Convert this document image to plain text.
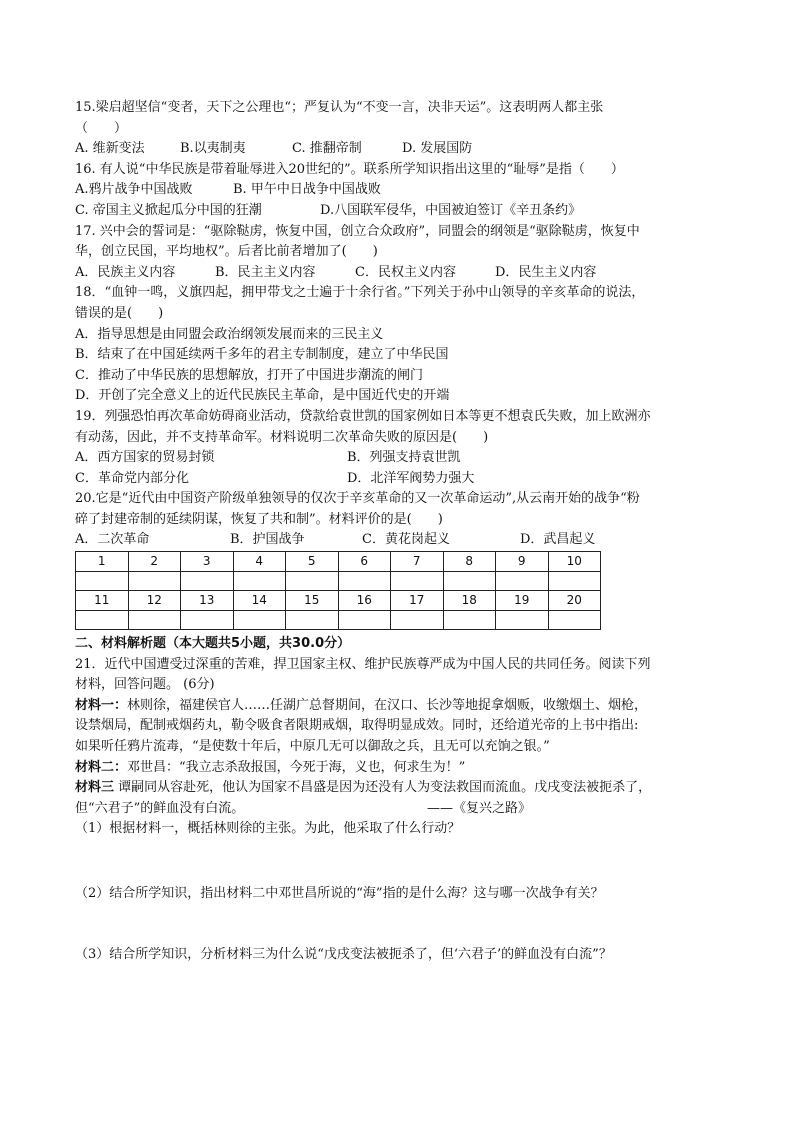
15.梁启超坚信“变者，天下之公理也“；严复认为“不变一言，决非天运”。这表明两人都主张
（　　）
A. 维新变法	B.以夷制夷	C. 推翻帝制	D. 发展国防
16. 有人说“中华民族是带着耻辱进入20世纪的”。联系所学知识指出这里的“耻辱”是指（　　）
A.鸦片战争中国战败	B. 甲午中日战争中国战败
C. 帝国主义掀起瓜分中国的狂潮	D.八国联军侵华，中国被迫签订《辛丑条约》
17. 兴中会的誓词是：“驱除鞑虏，恢复中国，创立合众政府”，同盟会的纲领是“驱除鞑虏，恢复中
华，创立民国，平均地权”。后者比前者增加了(　　)
A．民族主义内容	B．民主主义内容	C．民权主义内容	D．民生主义内容
18．“血钟一鸣，义旗四起，拥甲带戈之士遍于十余行省。”下列关于孙中山领导的辛亥革命的说法，
错误的是(　　)
A．指导思想是由同盟会政治纲领发展而来的三民主义
B．结束了在中国延续两千多年的君主专制制度，建立了中华民国
C．推动了中华民族的思想解放，打开了中国进步潮流的闸门
D．开创了完全意义上的近代民族民主革命，是中国近代史的开端
19．列强恐怕再次革命妨碍商业活动，贷款给袁世凯的国家例如日本等更不想袁氏失败，加上欧洲亦
有动荡，因此，并不支持革命军。材料说明二次革命失败的原因是(　　)
A．西方国家的贸易封锁	B．列强支持袁世凯
C．革命党内部分化	D．北洋军阀势力强大
20.它是“近代由中国资产阶级单独领导的仅次于辛亥革命的又一次革命运动”,从云南开始的战争“粉
碎了封建帝制的延续阴谋，恢复了共和制”。材料评价的是(　　)
A．二次革命	B．护国战争	C．黄花岗起义	D．武昌起义
1	2	3	4	5	6	7	8	9	10

11	12	13	14	15	16	17	18	19	20

二、材料解析题（本大题共5小题，共30.0分）
21．近代中国遭受过深重的苦难，捍卫国家主权、维护民族尊严成为中国人民的共同任务。阅读下列
材料，回答问题。 (6分)
材料一：林则徐，福建侯官人……任湖广总督期间，在汉口、长沙等地捉拿烟贩，收缴烟土、烟枪，
设禁烟局，配制戒烟药丸，勒令吸食者限期戒烟，取得明显成效。同时，还给道光帝的上书中指出:
如果听任鸦片流毒，“是使数十年后，中原几无可以御敌之兵，且无可以充饷之银。”
材料二：邓世昌：“我立志杀敌报国，今死于海，义也，何求生为！”
材料三 谭嗣同从容赴死，他认为国家不昌盛是因为还没有人为变法救国而流血。戊戌变法被扼杀了，
但“六君子”的鲜血没有白流。	——《复兴之路》
（1）根据材料一，概括林则徐的主张。为此，他采取了什么行动？
（2）结合所学知识，指出材料二中邓世昌所说的“海”指的是什么海？这与哪一次战争有关？
（3）结合所学知识，分析材料三为什么说“戊戌变法被扼杀了，但‘六君子’的鲜血没有白流”？
